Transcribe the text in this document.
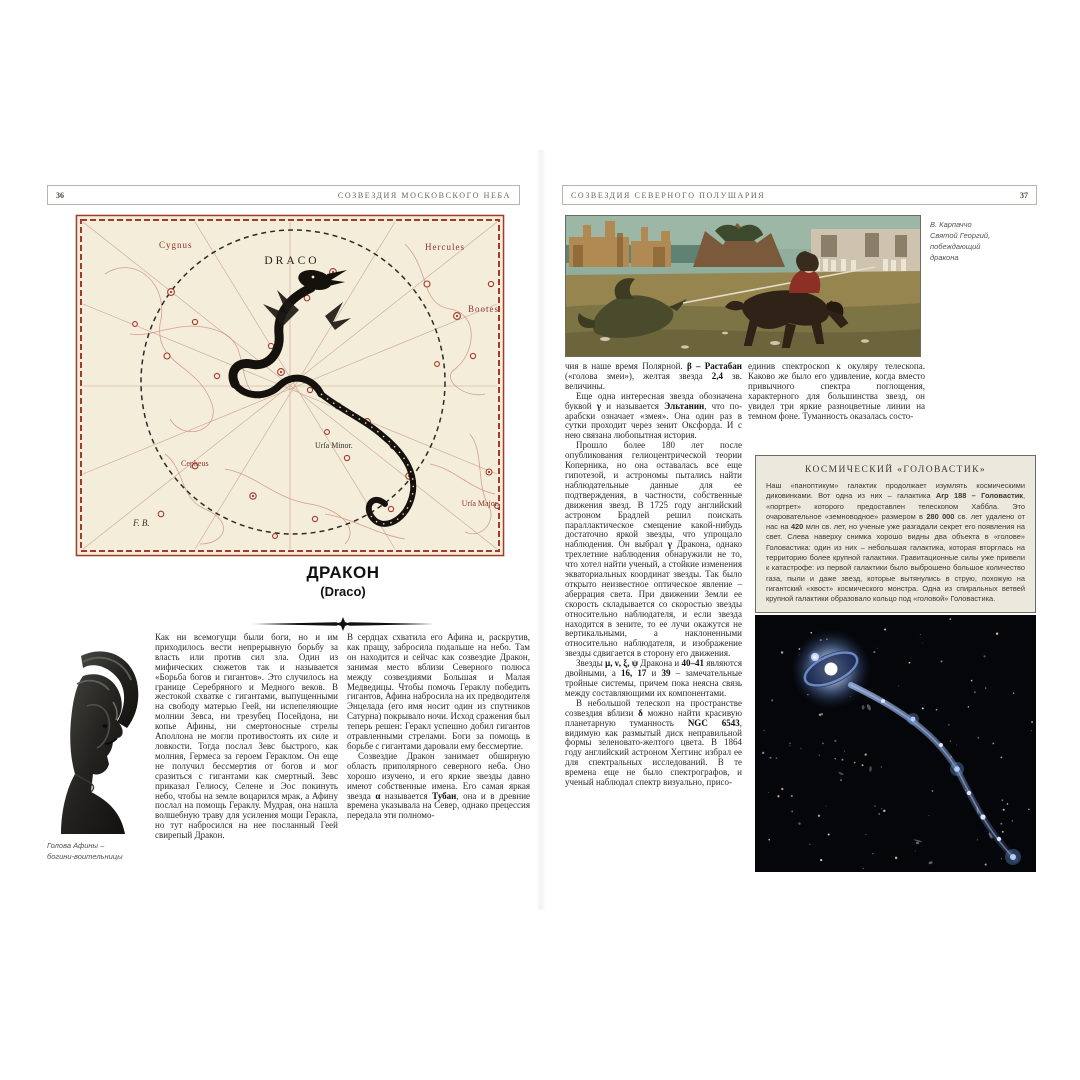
36	СОЗВЕЗДИЯ МОСКОВСКОГО НЕБА
DRACO
Cygnus	Hercules
Bootes
Urſa Minor.
Cepheus
Urſa Major.
F. B.
ДРАКОН
(Draco)
Голова Афины –
богини-воительницы

Как ни всемогущи были боги, но и им приходилось вести непрерывную борьбу за власть или против сил зла. Один из мифических сюжетов так и называется «Борьба богов и гигантов». Это случилось на границе Серебряного и Медного веков. В жестокой схватке с гигантами, выпущенными на свободу матерью Геей, ни испепеляющие молнии Зевса, ни трезубец Посейдона, ни копье Афины, ни смертоносные стрелы Аполлона не могли противостоять их силе и ловкости. Тогда послал Зевс быстрого, как молния, Гермеса за героем Гераклом. Он еще не получил бессмертия от богов и мог сразиться с гигантами как смертный. Зевс приказал Гелиосу, Селене и Эос покинуть небо, чтобы на земле воцарился мрак, а Афину послал на помощь Гераклу. Мудрая, она нашла волшебную траву для усиления мощи Геракла, но тут набросился на нее посланный Геей свирепый Дракон.

В сердцах схватила его Афина и, раскрутив, как пращу, забросила подальше на небо. Там он находится и сейчас как созвездие Дракон, занимая место вблизи Северного полюса между созвездиями Большая и Малая Медведицы. Чтобы помочь Гераклу победить гигантов, Афина набросила на их предводителя Энцелада (его имя носит один из спутников Сатурна) покрывало ночи. Исход сражения был теперь решен: Геракл успешно добил гигантов отравленными стрелами. Боги за помощь в борьбе с гигантами даровали ему бессмертие.

Созвездие Дракон занимает обширную область приполярного северного неба. Оно хорошо изучено, и его яркие звезды давно имеют собственные имена. Его самая яркая звезда α называется Тубан, она и в древние времена указывала на Север, однако прецессия передала эти полномо-

СОЗВЕЗДИЯ СЕВЕРНОГО ПОЛУШАРИЯ	37
В. Карпаччо
Святой Георгий, побеждающий
дракона

чия в наше время Полярной. β – Растабан («голова змеи»), желтая звезда 2,4 зв. величины.

Еще одна интересная звезда обозначена буквой γ и называется Эльтанин, что по-арабски означает «змея». Она один раз в сутки проходит через зенит Оксфорда. И с нею связана любопытная история.

Прошло более 180 лет после опубликования гелиоцентрической теории Коперника, но она оставалась все еще гипотезой, и астрономы пытались найти наблюдательные данные для ее подтверждения, в частности, собственные движения звезд. В 1725 году английский астроном Брадлей решил поискать параллактическое смещение какой-нибудь достаточно яркой звезды, что упрощало наблюдения. Он выбрал γ Дракона, однако трехлетние наблюдения обнаружили не то, что хотел найти ученый, а стойкие изменения экваториальных координат звезды. Так было открыто неизвестное оптическое явление – аберрация света. При движении Земли ее скорость складывается со скоростью звезды относительно наблюдателя, и если звезда находится в зените, то ее лучи окажутся не вертикальными, а наклоненными относительно наблюдателя, и изображение звезды сдвигается в сторону его движения.

Звезды μ, ν, ξ, ψ Дракона и 40–41 являются двойными, а 16, 17 и 39 – замечательные тройные системы, причем пока неясна связь между составляющими их компонентами.

В небольшой телескоп на пространстве созвездия вблизи δ можно найти красивую планетарную туманность NGC 6543, видимую как размытый диск неправильной формы зеленовато-желтого цвета. В 1864 году английский астроном Хеггинс избрал ее для спектральных исследований. В те времена еще не было спектрографов, и ученый наблюдал спектр визуально, присо-

единив спектроскоп к окуляру телескопа. Каково же было его удивление, когда вместо привычного спектра поглощения, характерного для большинства звезд, он увидел три яркие разноцветные линии на темном фоне. Туманность оказалась состо-

КОСМИЧЕСКИЙ «ГОЛОВАСТИК»
Наш «паноптикум» галактик продолжает изумлять космическими диковинками. Вот одна из них – галактика Arp 188 – Головастик, «портрет» которого предоставлен телескопом Хаббла. Это очаровательное «земноводное» размером в 280 000 св. лет удалено от нас на 420 млн св. лет, но ученые уже разгадали секрет его появления на свет. Слева наверху снимка хорошо видны два объекта в «голове» Головастика: один из них – небольшая галактика, которая вторглась на территорию более крупной галактики. Гравитационные силы уже привели к катастрофе: из первой галактики было выброшено большое количество газа, пыли и даже звезд, которые вытянулись в струю, похожую на гигантский «хвост» космического монстра. Одна из спиральных ветвей крупной галактики образовало кольцо под «головой» Головастика.
